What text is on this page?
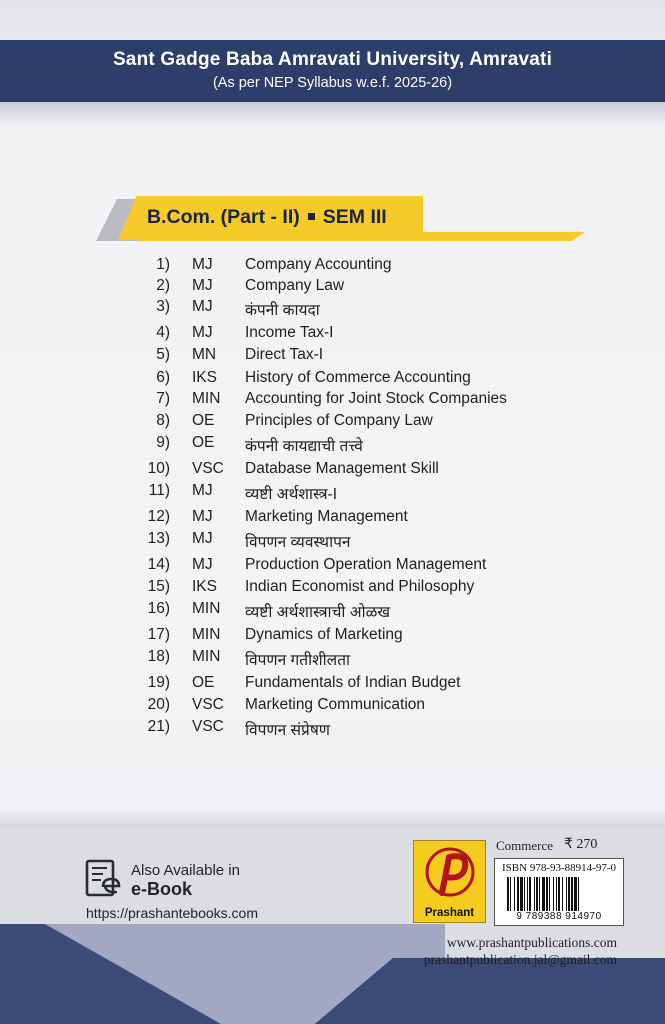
Sant Gadge Baba Amravati University, Amravati
(As per NEP Syllabus w.e.f. 2025-26)
B.Com. (Part - II) SEM III
1) MJ Company Accounting
2) MJ Company Law
3) MJ कंपनी कायदा
4) MJ Income Tax-I
5) MN Direct Tax-I
6) IKS History of Commerce Accounting
7) MIN Accounting for Joint Stock Companies
8) OE Principles of Company Law
9) OE कंपनी कायद्याची तत्त्वे
10) VSC Database Management Skill
11) MJ व्यष्टी अर्थशास्त्र-I
12) MJ Marketing Management
13) MJ विपणन व्यवस्थापन
14) MJ Production Operation Management
15) IKS Indian Economist and Philosophy
16) MIN व्यष्टी अर्थशास्त्राची ओळख
17) MIN Dynamics of Marketing
18) MIN विपणन गतीशीलता
19) OE Fundamentals of Indian Budget
20) VSC Marketing Communication
21) VSC विपणन संप्रेषण
Also Available in
e-Book
https://prashantebooks.com	Prashant
Commerce ₹ 270
ISBN 978-93-88914-97-0
9 789388 914970
www.prashantpublications.com
prashantpublication.jal@gmail.com
